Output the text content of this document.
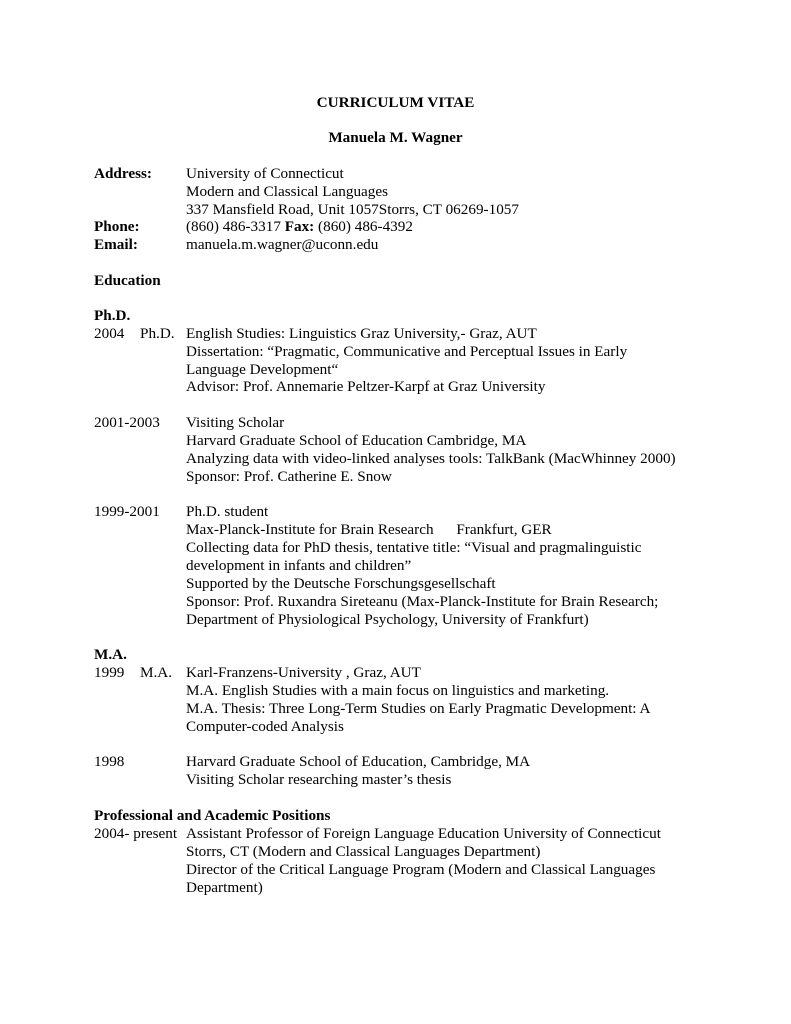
CURRICULUM VITAE
Manuela M. Wagner
Address: University of Connecticut
Modern and Classical Languages
337 Mansfield Road, Unit 1057Storrs, CT 06269-1057
Phone:	(860) 486-3317 Fax: (860) 486-4392
Email:	manuela.m.wagner@uconn.edu
Education
Ph.D.
2004 Ph.D. English Studies: Linguistics Graz University,- Graz, AUT
Dissertation: “Pragmatic, Communicative and Perceptual Issues in Early
Language Development“
Advisor: Prof. Annemarie Peltzer-Karpf at Graz University
2001-2003 Visiting Scholar
Harvard Graduate School of Education Cambridge, MA
Analyzing data with video-linked analyses tools: TalkBank (MacWhinney 2000)
Sponsor: Prof. Catherine E. Snow
1999-2001 Ph.D. student
Max-Planck-Institute for Brain Research      Frankfurt, GER
Collecting data for PhD thesis, tentative title: “Visual and pragmalinguistic
development in infants and children”
Supported by the Deutsche Forschungsgesellschaft
Sponsor: Prof. Ruxandra Sireteanu (Max-Planck-Institute for Brain Research;
Department of Physiological Psychology, University of Frankfurt)
M.A.
1999 M.A. Karl-Franzens-University , Graz, AUT
M.A. English Studies with a main focus on linguistics and marketing.
M.A. Thesis: Three Long-Term Studies on Early Pragmatic Development: A
Computer-coded Analysis
1998	Harvard Graduate School of Education, Cambridge, MA
Visiting Scholar researching master’s thesis
Professional and Academic Positions
2004- present Assistant Professor of Foreign Language Education University of Connecticut
Storrs, CT (Modern and Classical Languages Department)
Director of the Critical Language Program (Modern and Classical Languages
Department)
